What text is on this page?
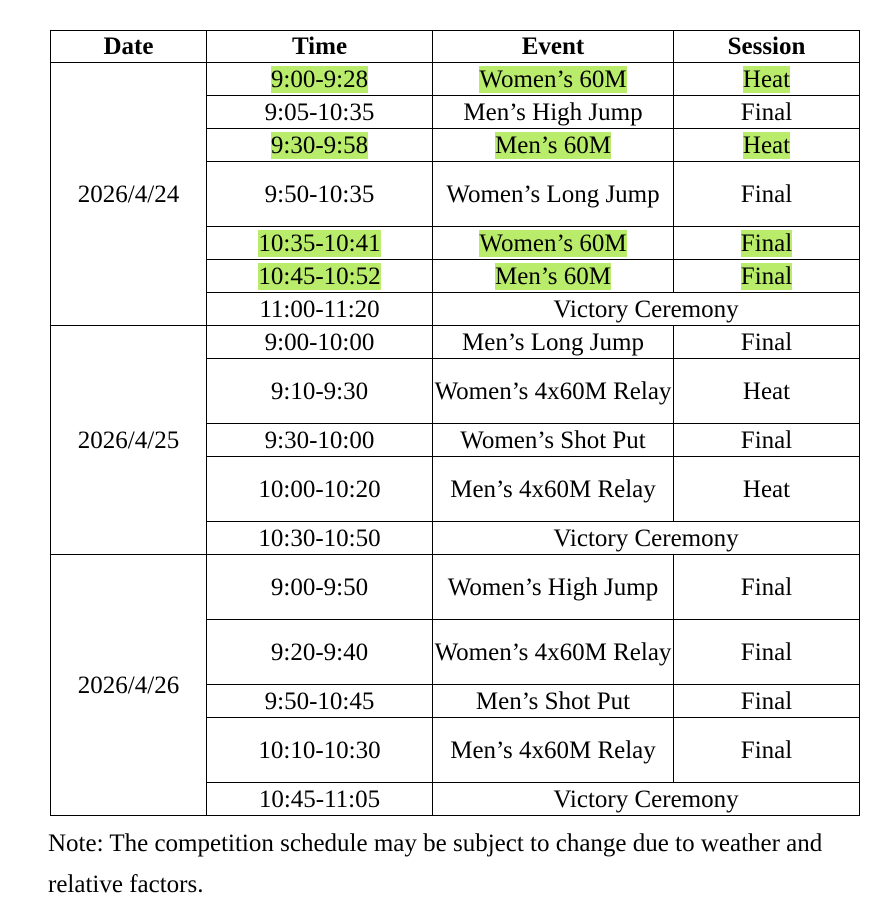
Date	Time	Event	Session
2026/4/24	9:00-9:28	Women’s 60M	Heat
	9:05-10:35	Men’s High Jump	Final
	9:30-9:58	Men’s 60M	Heat
	9:50-10:35	Women’s Long Jump	Final
	10:35-10:41	Women’s 60M	Final
	10:45-10:52	Men’s 60M	Final
	11:00-11:20	Victory Ceremony	
2026/4/25	9:00-10:00	Men’s Long Jump	Final
	9:10-9:30	Women’s 4x60M Relay	Heat
	9:30-10:00	Women’s Shot Put	Final
	10:00-10:20	Men’s 4x60M Relay	Heat
	10:30-10:50	Victory Ceremony	
2026/4/26	9:00-9:50	Women’s High Jump	Final
	9:20-9:40	Women’s 4x60M Relay	Final
	9:50-10:45	Men’s Shot Put	Final
	10:10-10:30	Men’s 4x60M Relay	Final
	10:45-11:05	Victory Ceremony	

Note: The competition schedule may be subject to change due to weather and relative factors.
